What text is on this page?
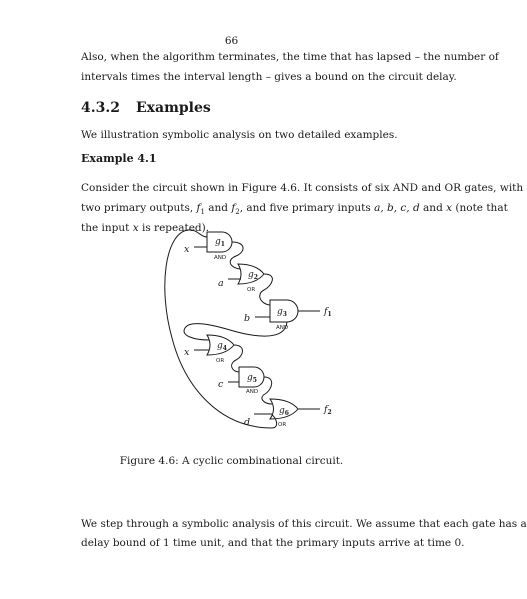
66
Also, when the algorithm terminates, the time that has lapsed – the number of
intervals times the interval length – gives a bound on the circuit delay.
4.3.2 Examples
We illustration symbolic analysis on two detailed examples.
Example 4.1
Consider the circuit shown in Figure 4.6. It consists of six AND and OR gates, with
two primary outputs, $f_1$ and $f_2$, and five primary inputs a, b, c, d and x (note that
the input x is repeated).
$g_1$
AND
$g_2$
OR
$g_3$
AND
$g_4$
OR
$g_5$
AND
$g_6$
OR
x
a
b
x
c
d
$f_1$
$f_2$
Figure 4.6: A cyclic combinational circuit.
We step through a symbolic analysis of this circuit. We assume that each gate has a
delay bound of 1 time unit, and that the primary inputs arrive at time 0.
